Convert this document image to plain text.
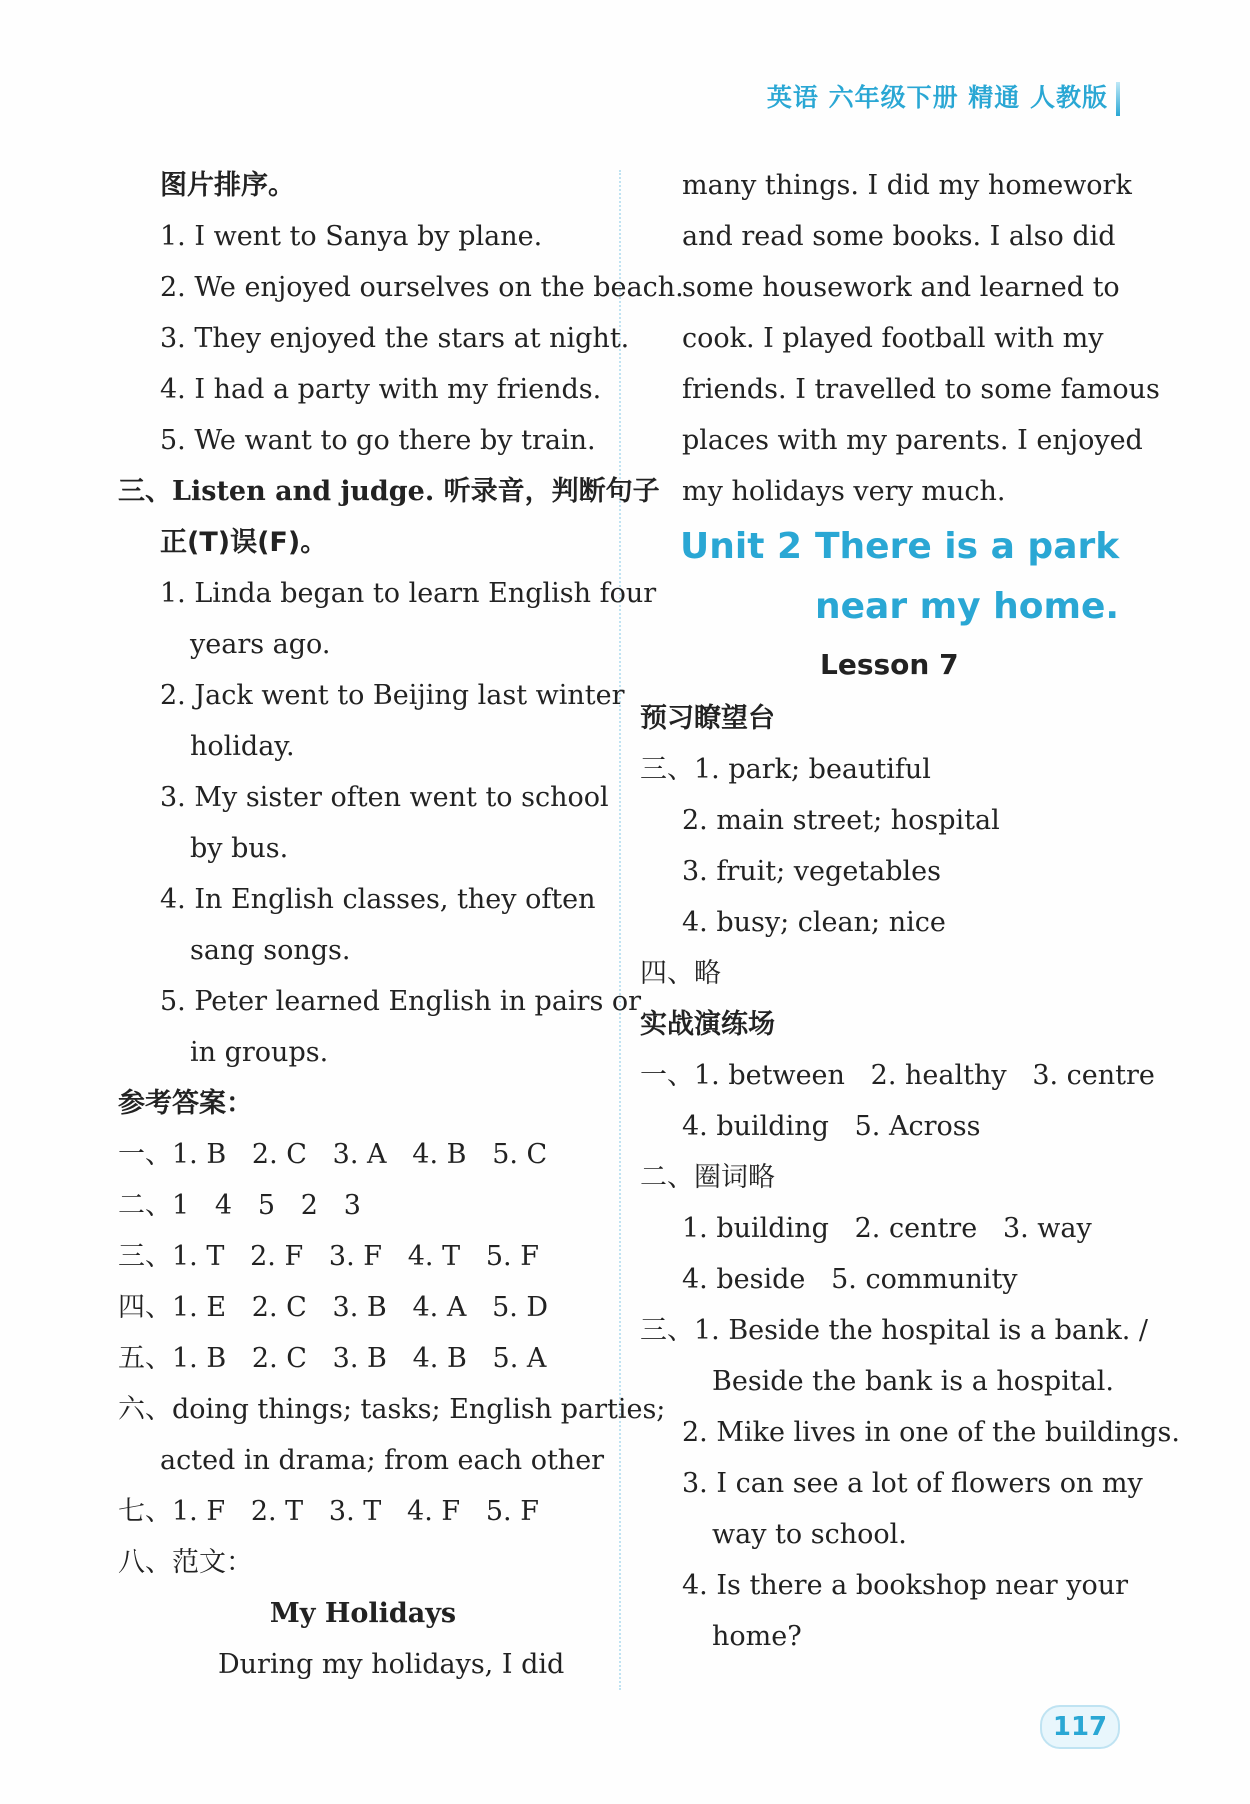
英语 六年级下册 精通 人教版
图片排序。
1. I went to Sanya by plane.
2. We enjoyed ourselves on the beach.
3. They enjoyed the stars at night.
4. I had a party with my friends.
5. We want to go there by train.
三、Listen and judge. 听录音，判断句子
正(T)误(F)。
1. Linda began to learn English four
years ago.
2. Jack went to Beijing last winter
holiday.
3. My sister often went to school
by bus.
4. In English classes, they often
sang songs.
5. Peter learned English in pairs or
in groups.
参考答案：
一、1. B   2. C   3. A   4. B   5. C
二、1   4   5   2   3
三、1. T   2. F   3. F   4. T   5. F
四、1. E   2. C   3. B   4. A   5. D
五、1. B   2. C   3. B   4. B   5. A
六、doing things; tasks; English parties;
acted in drama; from each other
七、1. F   2. T   3. T   4. F   5. F
八、范文：
My Holidays
During my holidays, I did
many things. I did my homework
and read some books. I also did
some housework and learned to
cook. I played football with my
friends. I travelled to some famous
places with my parents. I enjoyed
my holidays very much.
Unit 2 There is a park
near my home.
Lesson 7
预习瞭望台
三、1. park; beautiful
2. main street; hospital
3. fruit; vegetables
4. busy; clean; nice
四、略
实战演练场
一、1. between   2. healthy   3. centre
4. building   5. Across
二、圈词略
1. building   2. centre   3. way
4. beside   5. community
三、1. Beside the hospital is a bank. /
Beside the bank is a hospital.
2. Mike lives in one of the buildings.
3. I can see a lot of flowers on my
way to school.
4. Is there a bookshop near your
home?
117
